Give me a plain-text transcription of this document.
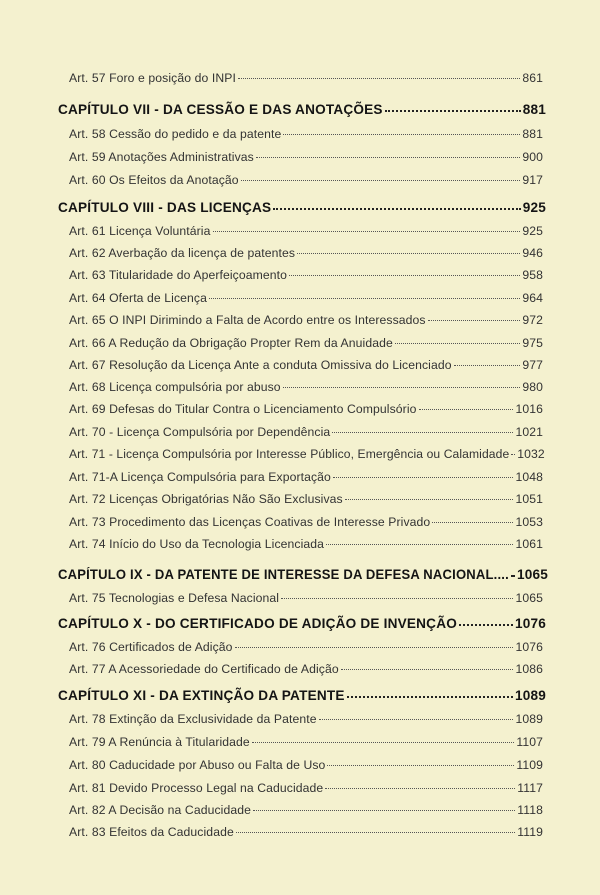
Art. 57 Foro e posição do INPI	861
CAPÍTULO VII - DA CESSÃO E DAS ANOTAÇÕES	881
Art. 58 Cessão do pedido e da patente	881
Art. 59 Anotações Administrativas	900
Art. 60 Os Efeitos da Anotação	917
CAPÍTULO VIII - DAS LICENÇAS	925
Art. 61 Licença Voluntária	925
Art. 62 Averbação da licença de patentes	946
Art. 63 Titularidade do Aperfeiçoamento	958
Art. 64 Oferta de Licença	964
Art. 65 O INPI Dirimindo a Falta de Acordo entre os Interessados	972
Art. 66 A Redução da Obrigação Propter Rem da Anuidade	975
Art. 67 Resolução da Licença Ante a conduta Omissiva do Licenciado	977
Art. 68 Licença compulsória por abuso	980
Art. 69 Defesas do Titular Contra o Licenciamento Compulsório	1016
Art. 70 - Licença Compulsória por Dependência	1021
Art. 71 - Licença Compulsória por Interesse Público, Emergência ou Calamidade 1032
Art. 71-A Licença Compulsória para Exportação	1048
Art. 72 Licenças Obrigatórias Não São Exclusivas	1051
Art. 73 Procedimento das Licenças Coativas de Interesse Privado	1053
Art. 74 Início do Uso da Tecnologia Licenciada	1061
CAPÍTULO IX - DA PATENTE DE INTERESSE DA DEFESA NACIONAL.... 1065
Art. 75 Tecnologias e Defesa Nacional	1065
CAPÍTULO X - DO CERTIFICADO DE ADIÇÃO DE INVENÇÃO	1076
Art. 76 Certificados de Adição	1076
Art. 77 A Acessoriedade do Certificado de Adição	1086
CAPÍTULO XI - DA EXTINÇÃO DA PATENTE	1089
Art. 78 Extinção da Exclusividade da Patente	1089
Art. 79 A Renúncia à Titularidade	1107
Art. 80 Caducidade por Abuso ou Falta de Uso	1109
Art. 81 Devido Processo Legal na Caducidade	1117
Art. 82 A Decisão na Caducidade	1118
Art. 83 Efeitos da Caducidade	1119
